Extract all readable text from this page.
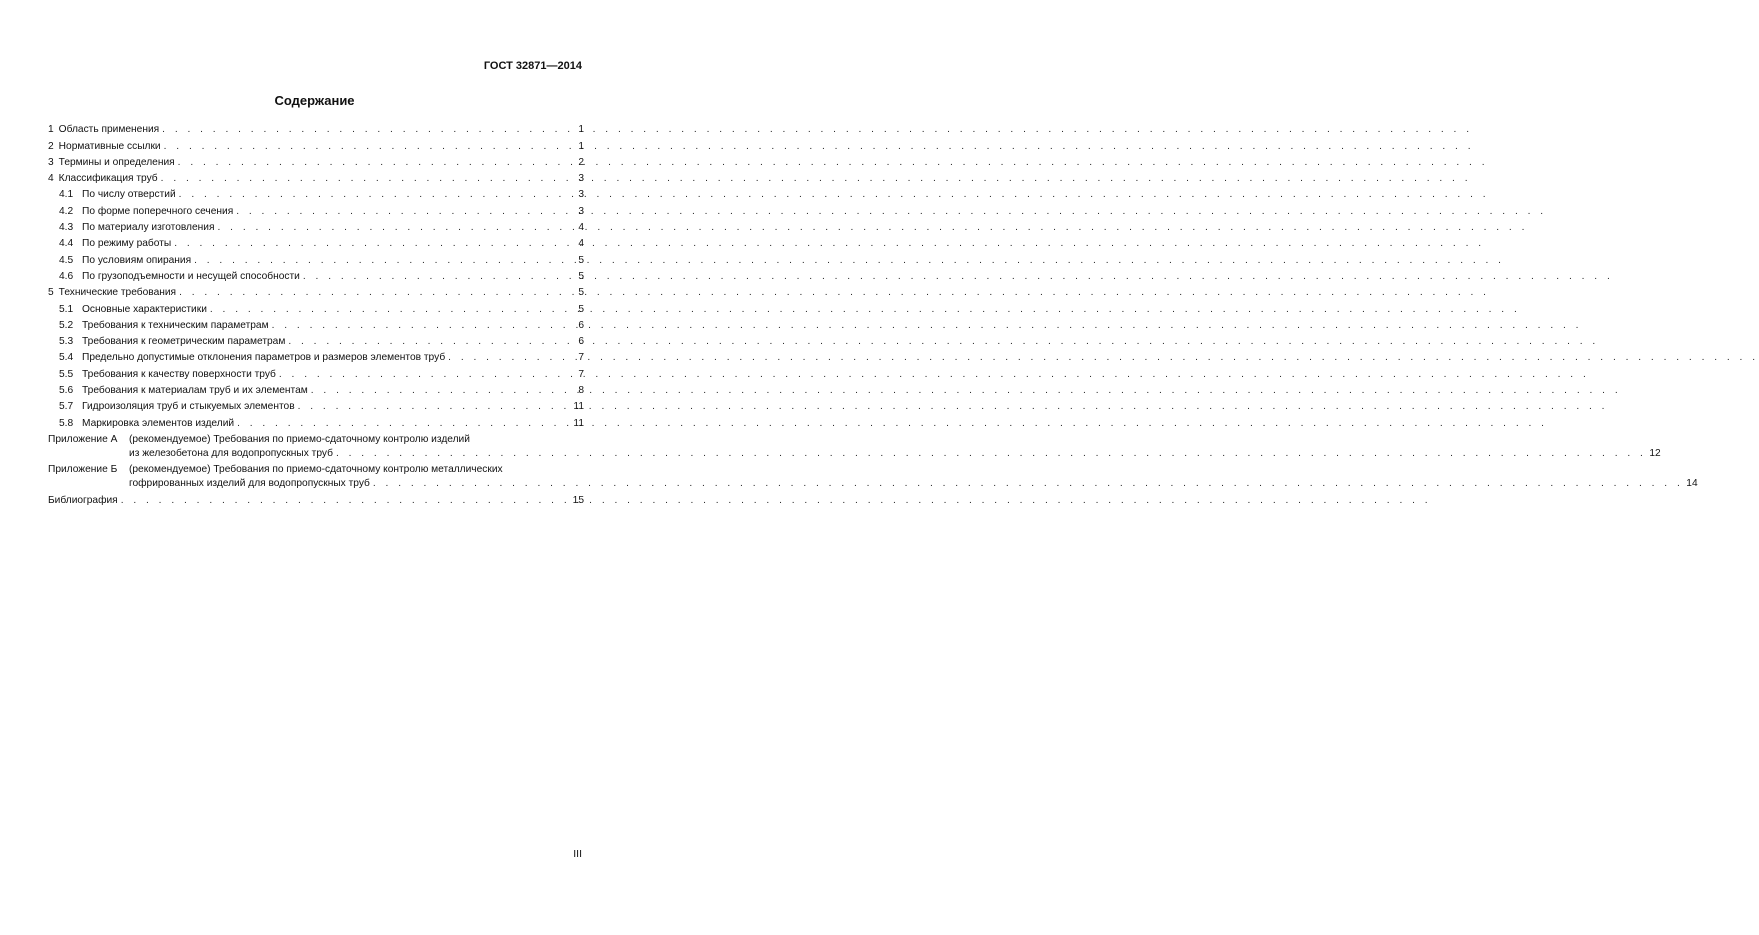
ГОСТ 32871—2014
Содержание
1 Область применения . . .	1
2 Нормативные ссылки . . .	1
3 Термины и определения . . .	2
4 Классификация труб . . .	3
4.1 По числу отверстий . . .	3
4.2 По форме поперечного сечения . . .	3
4.3 По материалу изготовления . . .	4
4.4 По режиму работы . . .	4
4.5 По условиям опирания . . .	5
4.6 По грузоподъемности и несущей способности . . .	5
5 Технические требования . . .	5
5.1 Основные характеристики . . .	5
5.2 Требования к техническим параметрам . . .	6
5.3 Требования к геометрическим параметрам . . .	6
5.4 Предельно допустимые отклонения параметров и размеров элементов труб . . .	7
5.5 Требования к качеству поверхности труб . . .	7
5.6 Требования к материалам труб и их элементам . . .	8
5.7 Гидроизоляция труб и стыкуемых элементов . . .	11
5.8 Маркировка элементов изделий . . .	11
Приложение А	(рекомендуемое) Требования по приемо-сдаточному контролю изделий
из железобетона для водопропускных труб . . .	12
Приложение Б	(рекомендуемое) Требования по приемо-сдаточному контролю металлических
гофрированных изделий для водопропускных труб . . .	14
Библиография . . .	15
III
